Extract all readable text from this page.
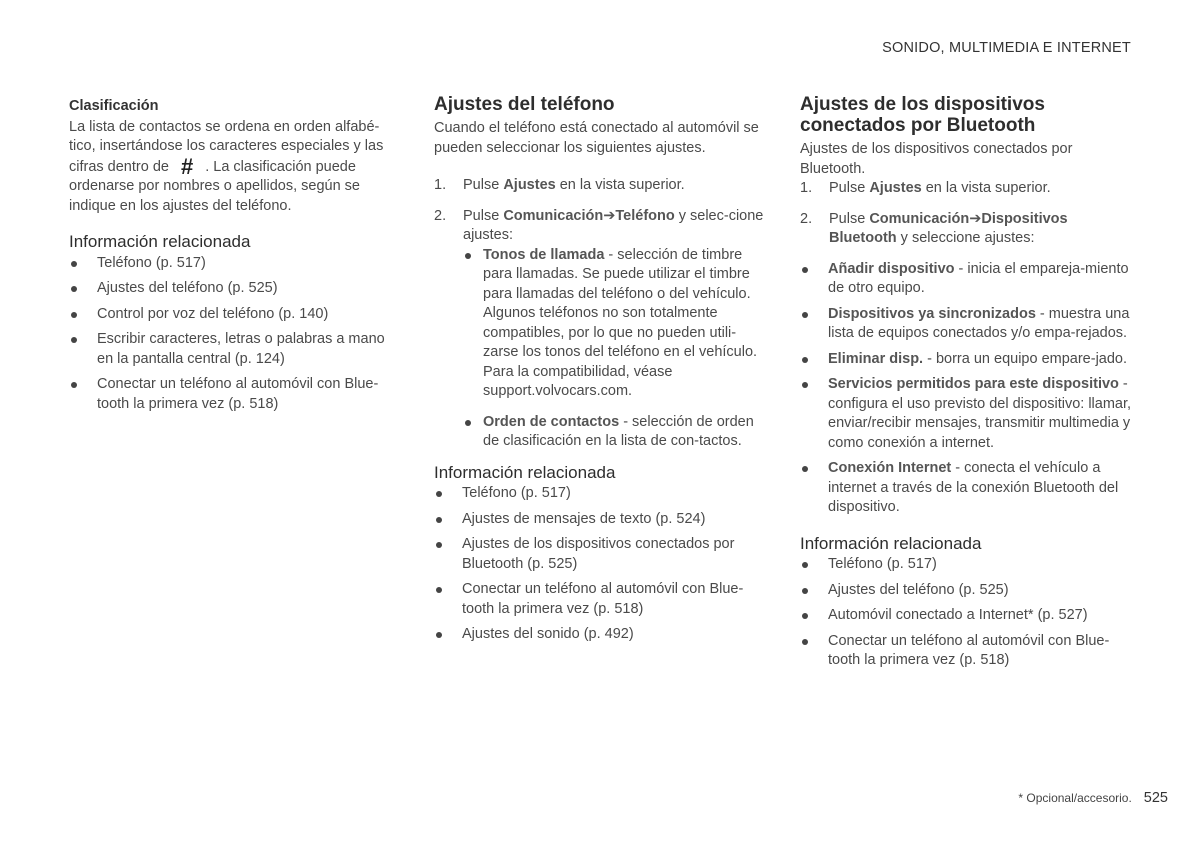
SONIDO, MULTIMEDIA E INTERNET
Clasificación

La lista de contactos se ordena en orden alfabé-tico, insertándose los caracteres especiales y las cifras dentro de # . La clasificación puede ordenarse por nombres o apellidos, según se indique en los ajustes del teléfono.

Información relacionada
Teléfono (p. 517)
Ajustes del teléfono (p. 525)
Control por voz del teléfono (p. 140)
Escribir caracteres, letras o palabras a mano en la pantalla central (p. 124)
Conectar un teléfono al automóvil con Blue-tooth la primera vez (p. 518)
Ajustes del teléfono

Cuando el teléfono está conectado al automóvil se pueden seleccionar los siguientes ajustes.

1. Pulse Ajustes en la vista superior.
2. Pulse Comunicación➔Teléfono y selec-cione ajustes:
Tonos de llamada - selección de timbre para llamadas. Se puede utilizar el timbre para llamadas del teléfono o del vehículo. Algunos teléfonos no son totalmente compatibles, por lo que no pueden utili-zarse los tonos del teléfono en el vehículo. Para la compatibilidad, véase support.volvocars.com.
Orden de contactos - selección de orden de clasificación en la lista de con-tactos.
Información relacionada
Teléfono (p. 517)
Ajustes de mensajes de texto (p. 524)
Ajustes de los dispositivos conectados por Bluetooth (p. 525)
Conectar un teléfono al automóvil con Blue-tooth la primera vez (p. 518)
Ajustes del sonido (p. 492)
Ajustes de los dispositivos conectados por Bluetooth

Ajustes de los dispositivos conectados por Bluetooth.

1. Pulse Ajustes en la vista superior.
2. Pulse Comunicación➔Dispositivos Bluetooth y seleccione ajustes:
Añadir dispositivo - inicia el empareja-miento de otro equipo.
Dispositivos ya sincronizados - muestra una lista de equipos conectados y/o empa-rejados.
Eliminar disp. - borra un equipo empare-jado.
Servicios permitidos para este dispositivo - configura el uso previsto del dispositivo: llamar, enviar/recibir mensajes, transmitir multimedia y como conexión a internet.
Conexión Internet - conecta el vehículo a internet a través de la conexión Bluetooth del dispositivo.
Información relacionada
Teléfono (p. 517)
Ajustes del teléfono (p. 525)
Automóvil conectado a Internet* (p. 527)
Conectar un teléfono al automóvil con Blue-tooth la primera vez (p. 518)
* Opcional/accesorio. 525
